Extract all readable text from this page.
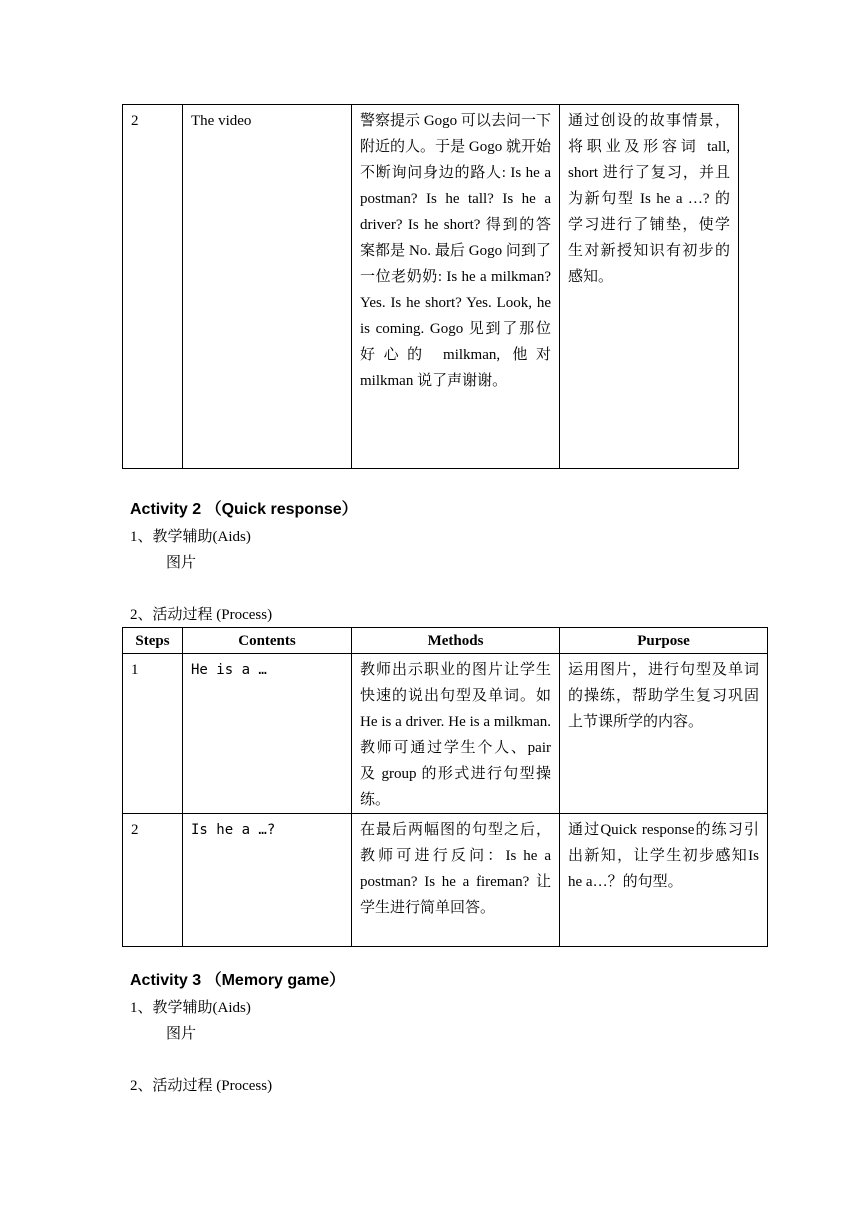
2	The video	警察提示 Gogo 可以去问一下附近的人。于是 Gogo 就开始不断询问身边的路人: Is he a postman? Is he tall? Is he a driver? Is he short? 得到的答案都是 No. 最后 Gogo 问到了一位老奶奶: Is he a milkman? Yes. Is he short? Yes. Look, he is coming. Gogo 见到了那位好心的 milkman, 他对 milkman 说了声谢谢。	通过创设的故事情景，将职业及形容词 tall, short 进行了复习，并且为新句型 Is he a …? 的学习进行了铺垫，使学生对新授知识有初步的感知。
Activity 2 （Quick response）
1、教学辅助(Aids)
图片
2、活动过程 (Process)
Steps	Contents	Methods	Purpose
1	He is a …	教师出示职业的图片让学生快速的说出句型及单词。如 He is a driver. He is a milkman. 教师可通过学生个人、pair 及 group 的形式进行句型操练。	运用图片，进行句型及单词的操练，帮助学生复习巩固上节课所学的内容。
2	Is he a …?	在最后两幅图的句型之后，教师可进行反问：Is he a postman? Is he a fireman? 让学生进行简单回答。	通过Quick response的练习引出新知，让学生初步感知Is he a…？的句型。
Activity 3 （Memory game）
1、教学辅助(Aids)
图片
2、活动过程 (Process)
